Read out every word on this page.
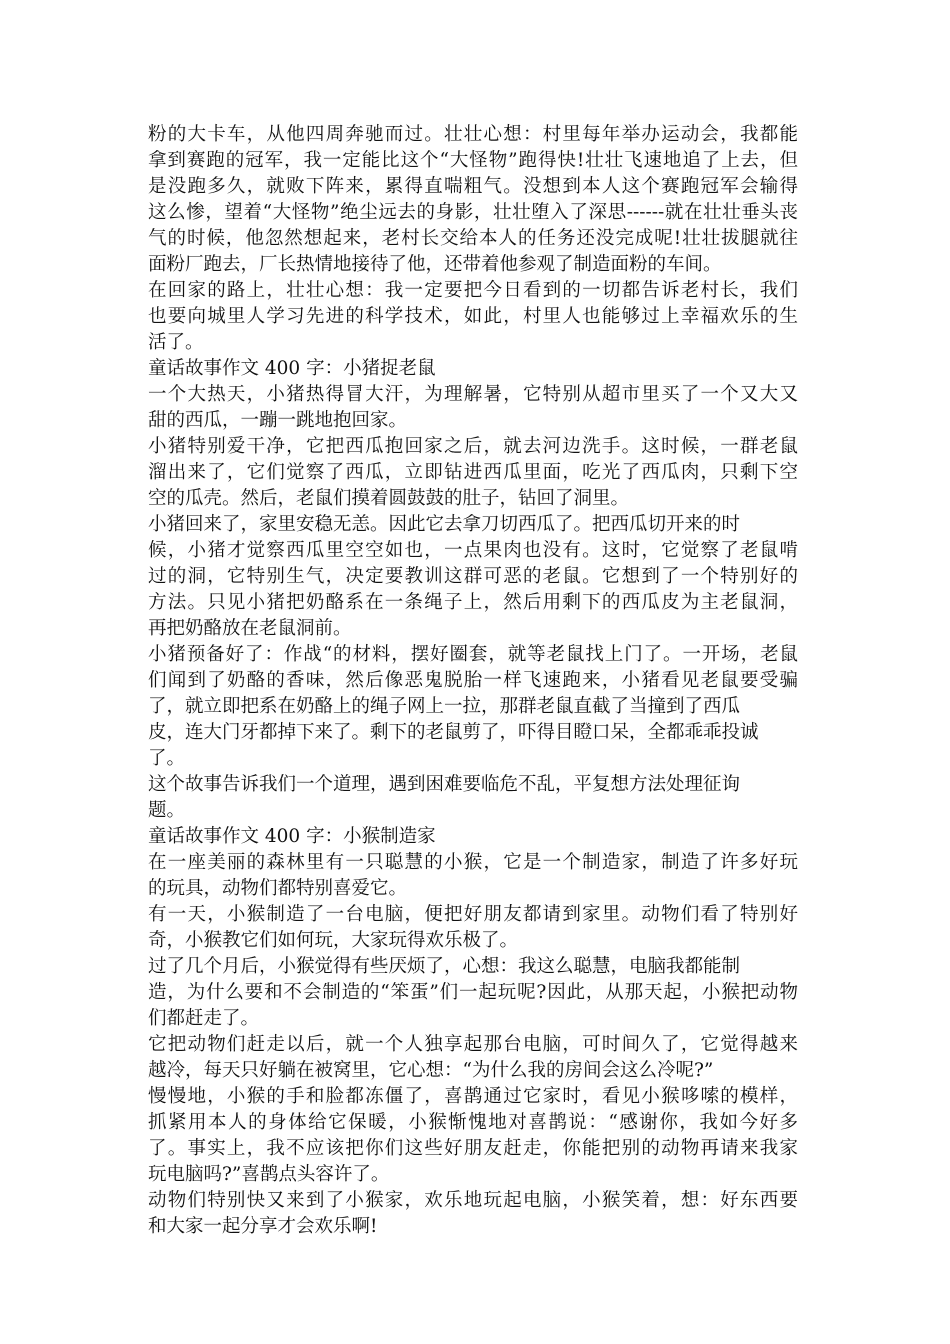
粉的大卡车，从他四周奔驰而过。壮壮心想：村里每年举办运动会，我都能
拿到赛跑的冠军，我一定能比这个“大怪物”跑得快!壮壮飞速地追了上去，但
是没跑多久，就败下阵来，累得直喘粗气。没想到本人这个赛跑冠军会输得
这么惨，望着“大怪物”绝尘远去的身影，壮壮堕入了深思------就在壮壮垂头丧
气的时候，他忽然想起来，老村长交给本人的任务还没完成呢!壮壮拔腿就往
面粉厂跑去，厂长热情地接待了他，还带着他参观了制造面粉的车间。
在回家的路上，壮壮心想：我一定要把今日看到的一切都告诉老村长，我们
也要向城里人学习先进的科学技术，如此，村里人也能够过上幸福欢乐的生
活了。
童话故事作文 400 字：小猪捉老鼠
一个大热天，小猪热得冒大汗，为理解暑，它特别从超市里买了一个又大又
甜的西瓜，一蹦一跳地抱回家。
小猪特别爱干净，它把西瓜抱回家之后，就去河边洗手。这时候，一群老鼠
溜出来了，它们觉察了西瓜，立即钻进西瓜里面，吃光了西瓜肉，只剩下空
空的瓜壳。然后，老鼠们摸着圆鼓鼓的肚子，钻回了洞里。
小猪回来了，家里安稳无恙。因此它去拿刀切西瓜了。把西瓜切开来的时
候，小猪才觉察西瓜里空空如也，一点果肉也没有。这时，它觉察了老鼠啃
过的洞，它特别生气，决定要教训这群可恶的老鼠。它想到了一个特别好的
方法。只见小猪把奶酪系在一条绳子上，然后用剩下的西瓜皮为主老鼠洞，
再把奶酪放在老鼠洞前。
小猪预备好了：作战“的材料，摆好圈套，就等老鼠找上门了。一开场，老鼠
们闻到了奶酪的香味，然后像恶鬼脱胎一样飞速跑来，小猪看见老鼠要受骗
了，就立即把系在奶酪上的绳子网上一拉，那群老鼠直截了当撞到了西瓜
皮，连大门牙都掉下来了。剩下的老鼠剪了，吓得目瞪口呆，全都乖乖投诚
了。
这个故事告诉我们一个道理，遇到困难要临危不乱，平复想方法处理征询
题。
童话故事作文 400 字：小猴制造家
在一座美丽的森林里有一只聪慧的小猴，它是一个制造家，制造了许多好玩
的玩具，动物们都特别喜爱它。
有一天，小猴制造了一台电脑，便把好朋友都请到家里。动物们看了特别好
奇，小猴教它们如何玩，大家玩得欢乐极了。
过了几个月后，小猴觉得有些厌烦了，心想：我这么聪慧，电脑我都能制
造，为什么要和不会制造的“笨蛋”们一起玩呢?因此，从那天起，小猴把动物
们都赶走了。
它把动物们赶走以后，就一个人独享起那台电脑，可时间久了，它觉得越来
越冷，每天只好躺在被窝里，它心想：“为什么我的房间会这么冷呢?”
慢慢地，小猴的手和脸都冻僵了，喜鹊通过它家时，看见小猴哆嗦的模样，
抓紧用本人的身体给它保暖，小猴惭愧地对喜鹊说：“感谢你，我如今好多
了。事实上，我不应该把你们这些好朋友赶走，你能把别的动物再请来我家
玩电脑吗?”喜鹊点头容许了。
动物们特别快又来到了小猴家，欢乐地玩起电脑，小猴笑着，想：好东西要
和大家一起分享才会欢乐啊!
